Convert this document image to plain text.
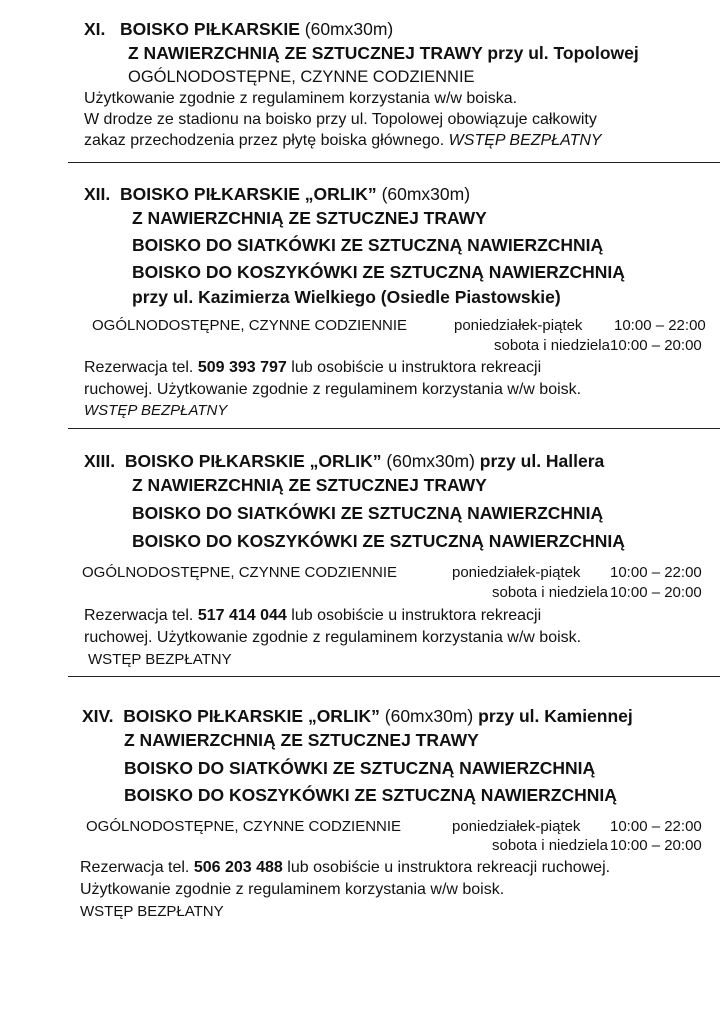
XI. BOISKO PIŁKARSKIE (60mx30m)
Z NAWIERZCHNIĄ ZE SZTUCZNEJ TRAWY przy ul. Topolowej
OGÓLNODOSTĘPNE, CZYNNE CODZIENNIE
Użytkowanie zgodnie z regulaminem korzystania w/w boiska.
W drodze ze stadionu na boisko przy ul. Topolowej obowiązuje całkowity
zakaz przechodzenia przez płytę boiska głównego. WSTĘP BEZPŁATNY
XII. BOISKO PIŁKARSKIE „ORLIK” (60mx30m)
Z NAWIERZCHNIĄ ZE SZTUCZNEJ TRAWY
BOISKO DO SIATKÓWKI ZE SZTUCZNĄ NAWIERZCHNIĄ
BOISKO DO KOSZYKÓWKI ZE SZTUCZNĄ NAWIERZCHNIĄ
przy ul. Kazimierza Wielkiego (Osiedle Piastowskie)
OGÓLNODOSTĘPNE, CZYNNE CODZIENNIE	poniedziałek-piątek 10:00 – 22:00
sobota i niedziela 10:00 – 20:00
Rezerwacja tel. 509 393 797 lub osobiście u instruktora rekreacji
ruchowej. Użytkowanie zgodnie z regulaminem korzystania w/w boisk.
WSTĘP BEZPŁATNY
XIII. BOISKO PIŁKARSKIE „ORLIK” (60mx30m) przy ul. Hallera
Z NAWIERZCHNIĄ ZE SZTUCZNEJ TRAWY
BOISKO DO SIATKÓWKI ZE SZTUCZNĄ NAWIERZCHNIĄ
BOISKO DO KOSZYKÓWKI ZE SZTUCZNĄ NAWIERZCHNIĄ
OGÓLNODOSTĘPNE, CZYNNE CODZIENNIE	poniedziałek-piątek 10:00 – 22:00
sobota i niedziela 10:00 – 20:00
Rezerwacja tel. 517 414 044 lub osobiście u instruktora rekreacji
ruchowej. Użytkowanie zgodnie z regulaminem korzystania w/w boisk.
WSTĘP BEZPŁATNY
XIV. BOISKO PIŁKARSKIE „ORLIK” (60mx30m) przy ul. Kamiennej
Z NAWIERZCHNIĄ ZE SZTUCZNEJ TRAWY
BOISKO DO SIATKÓWKI ZE SZTUCZNĄ NAWIERZCHNIĄ
BOISKO DO KOSZYKÓWKI ZE SZTUCZNĄ NAWIERZCHNIĄ
OGÓLNODOSTĘPNE, CZYNNE CODZIENNIE	poniedziałek-piątek 10:00 – 22:00
sobota i niedziela 10:00 – 20:00
Rezerwacja tel. 506 203 488 lub osobiście u instruktora rekreacji ruchowej.
Użytkowanie zgodnie z regulaminem korzystania w/w boisk.
WSTĘP BEZPŁATNY
